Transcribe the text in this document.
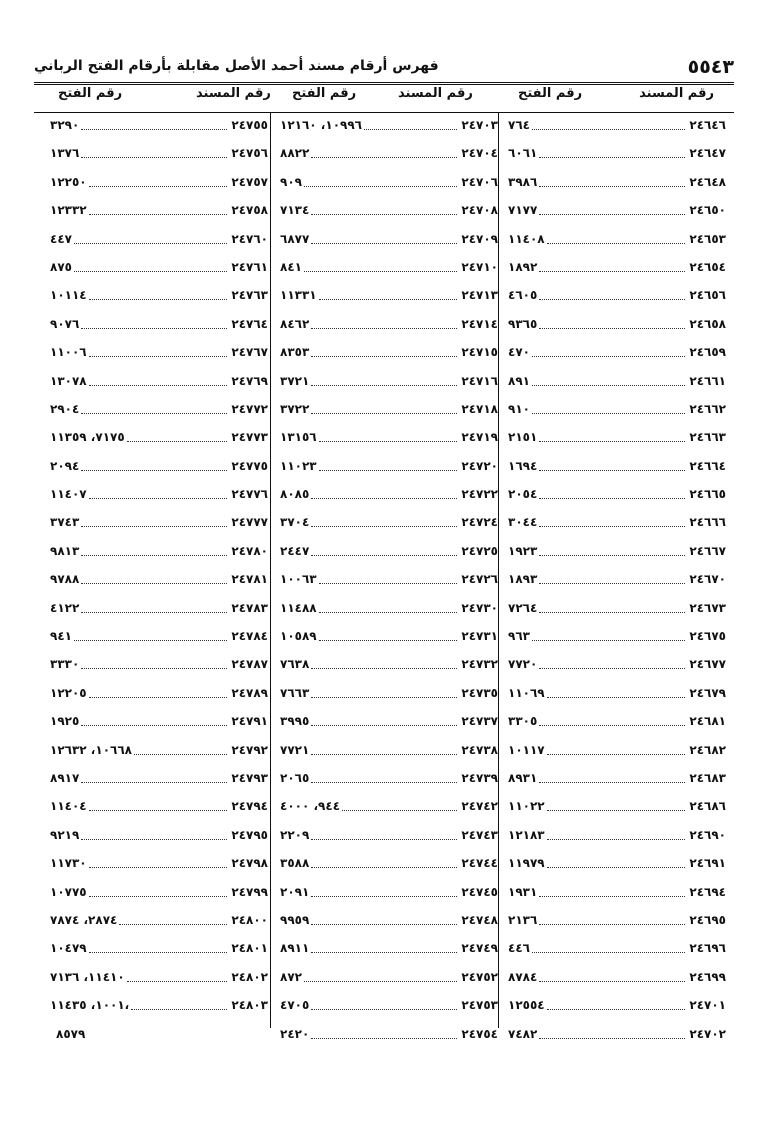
٥٥٤٣
فهرس أرقام مسند أحمد الأصل مقابلة بأرقام الفتح الرباني
رقم المسند
رقم الفتح
رقم المسند
رقم الفتح
رقم المسند
رقم الفتح
٧٦٤	٢٤٦٤٦
٦٠٦١	٢٤٦٤٧
٣٩٨٦	٢٤٦٤٨
٧١٧٧	٢٤٦٥٠
١١٤٠٨	٢٤٦٥٣
١٨٩٢	٢٤٦٥٤
٤٦٠٥	٢٤٦٥٦
٩٣٦٥	٢٤٦٥٨
٤٧٠	٢٤٦٥٩
٨٩١	٢٤٦٦١
٩١٠	٢٤٦٦٢
٢١٥١	٢٤٦٦٣
١٦٩٤	٢٤٦٦٤
٢٠٥٤	٢٤٦٦٥
٣٠٤٤	٢٤٦٦٦
١٩٢٣	٢٤٦٦٧
١٨٩٣	٢٤٦٧٠
٧٢٦٤	٢٤٦٧٣
٩٦٣	٢٤٦٧٥
٧٧٢٠	٢٤٦٧٧
١١٠٦٩	٢٤٦٧٩
٣٣٠٥	٢٤٦٨١
١٠١١٧	٢٤٦٨٢
٨٩٣١	٢٤٦٨٣
١١٠٢٢	٢٤٦٨٦
١٢١٨٣	٢٤٦٩٠
١١٩٧٩	٢٤٦٩١
١٩٣١	٢٤٦٩٤
٢١٣٦	٢٤٦٩٥
٤٤٦	٢٤٦٩٦
٨٧٨٤	٢٤٦٩٩
١٢٥٥٤	٢٤٧٠١
٧٤٨٢	٢٤٧٠٢
١٠٩٩٦، ١٢١٦٠	٢٤٧٠٣
٨٨٢٢	٢٤٧٠٤
٩٠٩	٢٤٧٠٦
٧١٣٤	٢٤٧٠٨
٦٨٧٧	٢٤٧٠٩
٨٤١	٢٤٧١٠
١١٣٣١	٢٤٧١٣
٨٤٦٢	٢٤٧١٤
٨٣٥٣	٢٤٧١٥
٣٧٢١	٢٤٧١٦
٣٧٢٢	٢٤٧١٨
١٣١٥٦	٢٤٧١٩
١١٠٢٣	٢٤٧٢٠
٨٠٨٥	٢٤٧٢٢
٣٧٠٤	٢٤٧٢٤
٢٤٤٧	٢٤٧٢٥
١٠٠٦٣	٢٤٧٢٦
١١٤٨٨	٢٤٧٣٠
١٠٥٨٩	٢٤٧٣١
٧٦٣٨	٢٤٧٣٢
٧٦٦٣	٢٤٧٣٥
٣٩٩٥	٢٤٧٣٧
٧٧٢١	٢٤٧٣٨
٢٠٦٥	٢٤٧٣٩
٩٤٤، ٤٠٠٠	٢٤٧٤٢
٢٢٠٩	٢٤٧٤٣
٣٥٨٨	٢٤٧٤٤
٢٠٩١	٢٤٧٤٥
٩٩٥٩	٢٤٧٤٨
٨٩١١	٢٤٧٤٩
٨٧٢	٢٤٧٥٢
٤٧٠٥	٢٤٧٥٣
٢٤٢٠	٢٤٧٥٤
٣٢٩٠	٢٤٧٥٥
١٣٧٦	٢٤٧٥٦
١٢٢٥٠	٢٤٧٥٧
١٢٣٣٢	٢٤٧٥٨
٤٤٧	٢٤٧٦٠
٨٧٥	٢٤٧٦١
١٠١١٤	٢٤٧٦٣
٩٠٧٦	٢٤٧٦٤
١١٠٠٦	٢٤٧٦٧
١٣٠٧٨	٢٤٧٦٩
٢٩٠٤	٢٤٧٧٢
٧١٧٥، ١١٣٥٩	٢٤٧٧٣
٢٠٩٤	٢٤٧٧٥
١١٤٠٧	٢٤٧٧٦
٣٧٤٣	٢٤٧٧٧
٩٨١٣	٢٤٧٨٠
٩٧٨٨	٢٤٧٨١
٤١٢٢	٢٤٧٨٣
٩٤١	٢٤٧٨٤
٣٣٣٠	٢٤٧٨٧
١٢٢٠٥	٢٤٧٨٩
١٩٢٥	٢٤٧٩١
١٠٦٦٨، ١٢٦٣٢	٢٤٧٩٢
٨٩١٧	٢٤٧٩٣
١١٤٠٤	٢٤٧٩٤
٩٢١٩	٢٤٧٩٥
١١٧٣٠	٢٤٧٩٨
١٠٧٧٥	٢٤٧٩٩
٢٨٧٤، ٧٨٧٤	٢٤٨٠٠
١٠٤٧٩	٢٤٨٠١
١١٤١٠، ٧١٣٦	٢٤٨٠٢
١٠٠١، ١١٤٣٥،	٢٤٨٠٣
٨٥٧٩
